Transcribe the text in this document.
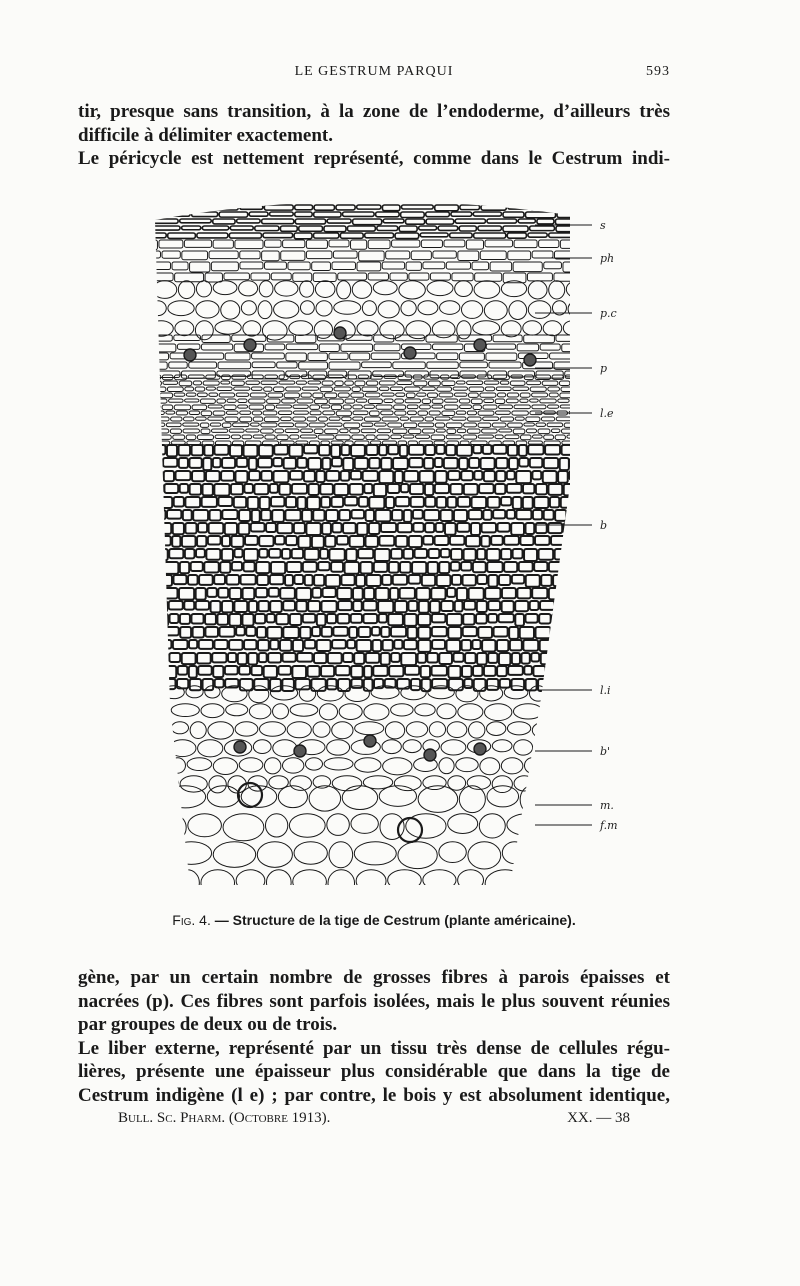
LE GESTRUM PARQUI	593

tir, presque sans transition, à la zone de l’endoderme, d’ailleurs très
difficile à délimiter exactement.
Le péricycle est nettement représenté, comme dans le Cestrum indi-

s
ph
p.c
p
l.e
b
l.i
b'
m.
f.m
Fig. 4. — Structure de la tige de Cestrum (plante américaine).

gène, par un certain nombre de grosses fibres à parois épaisses et
nacrées (p). Ces fibres sont parfois isolées, mais le plus souvent réunies
par groupes de deux ou de trois.
Le liber externe, représenté par un tissu très dense de cellules régu-
lières, présente une épaisseur plus considérable que dans la tige de
Cestrum indigène (l e) ; par contre, le bois y est absolument identique,

Bull. Sc. Pharm. (Octobre 1913).	XX. — 38
